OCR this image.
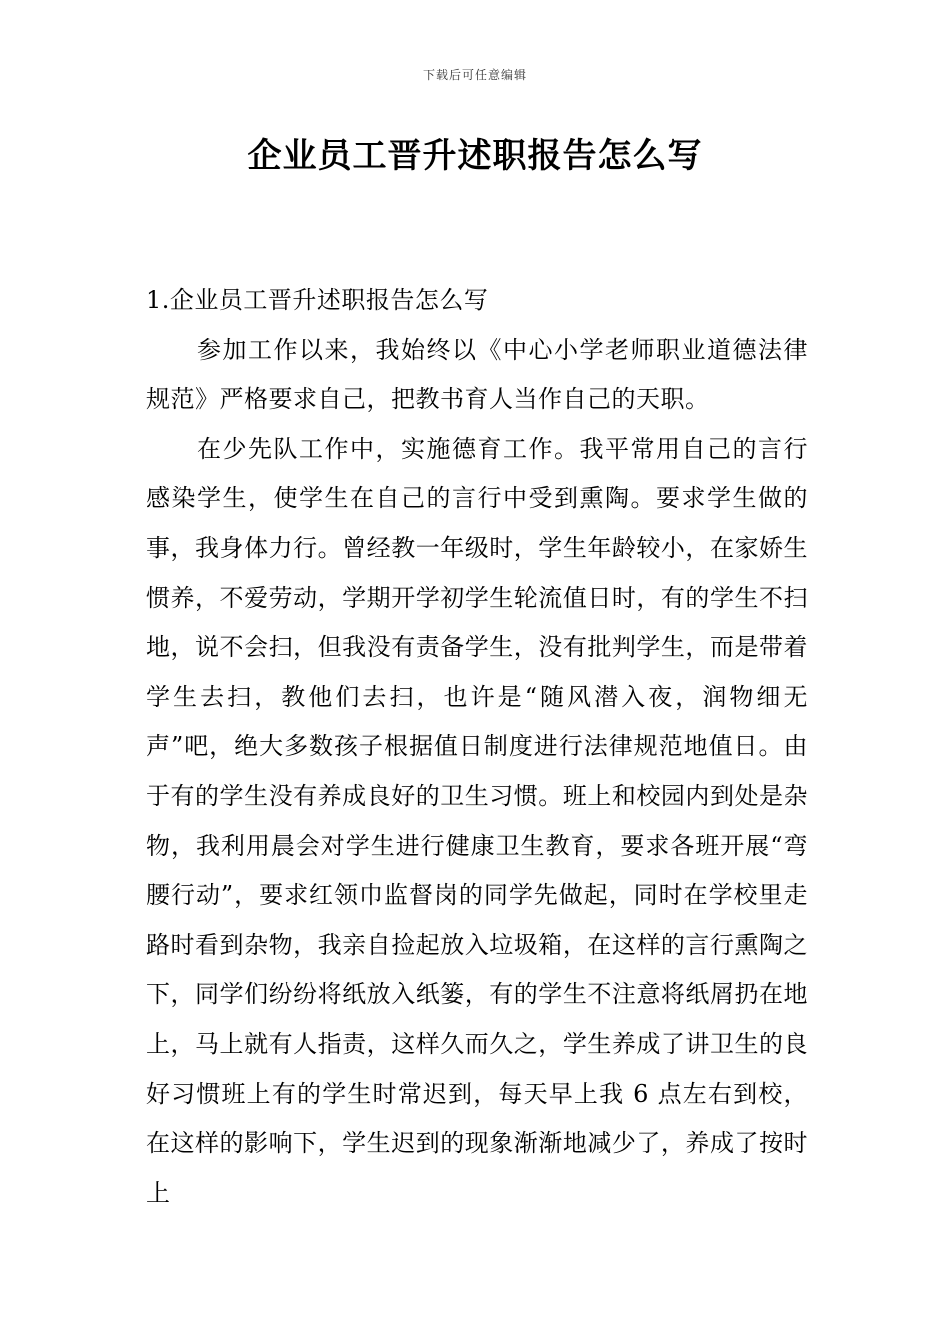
下载后可任意编辑
企业员工晋升述职报告怎么写

1.企业员工晋升述职报告怎么写

参加工作以来，我始终以《中心小学老师职业道德法律规范》严格要求自己，把教书育人当作自己的天职。

在少先队工作中，实施德育工作。我平常用自己的言行感染学生，使学生在自己的言行中受到熏陶。要求学生做的事，我身体力行。曾经教一年级时，学生年龄较小，在家娇生惯养，不爱劳动，学期开学初学生轮流值日时，有的学生不扫地，说不会扫，但我没有责备学生，没有批判学生，而是带着学生去扫，教他们去扫，也许是“随风潜入夜，润物细无声”吧，绝大多数孩子根据值日制度进行法律规范地值日。由于有的学生没有养成良好的卫生习惯。班上和校园内到处是杂物，我利用晨会对学生进行健康卫生教育，要求各班开展“弯腰行动”，要求红领巾监督岗的同学先做起，同时在学校里走路时看到杂物，我亲自捡起放入垃圾箱，在这样的言行熏陶之下，同学们纷纷将纸放入纸篓，有的学生不注意将纸屑扔在地上，马上就有人指责，这样久而久之，学生养成了讲卫生的良好习惯班上有的学生时常迟到，每天早上我 6 点左右到校，在这样的影响下，学生迟到的现象渐渐地减少了，养成了按时上
